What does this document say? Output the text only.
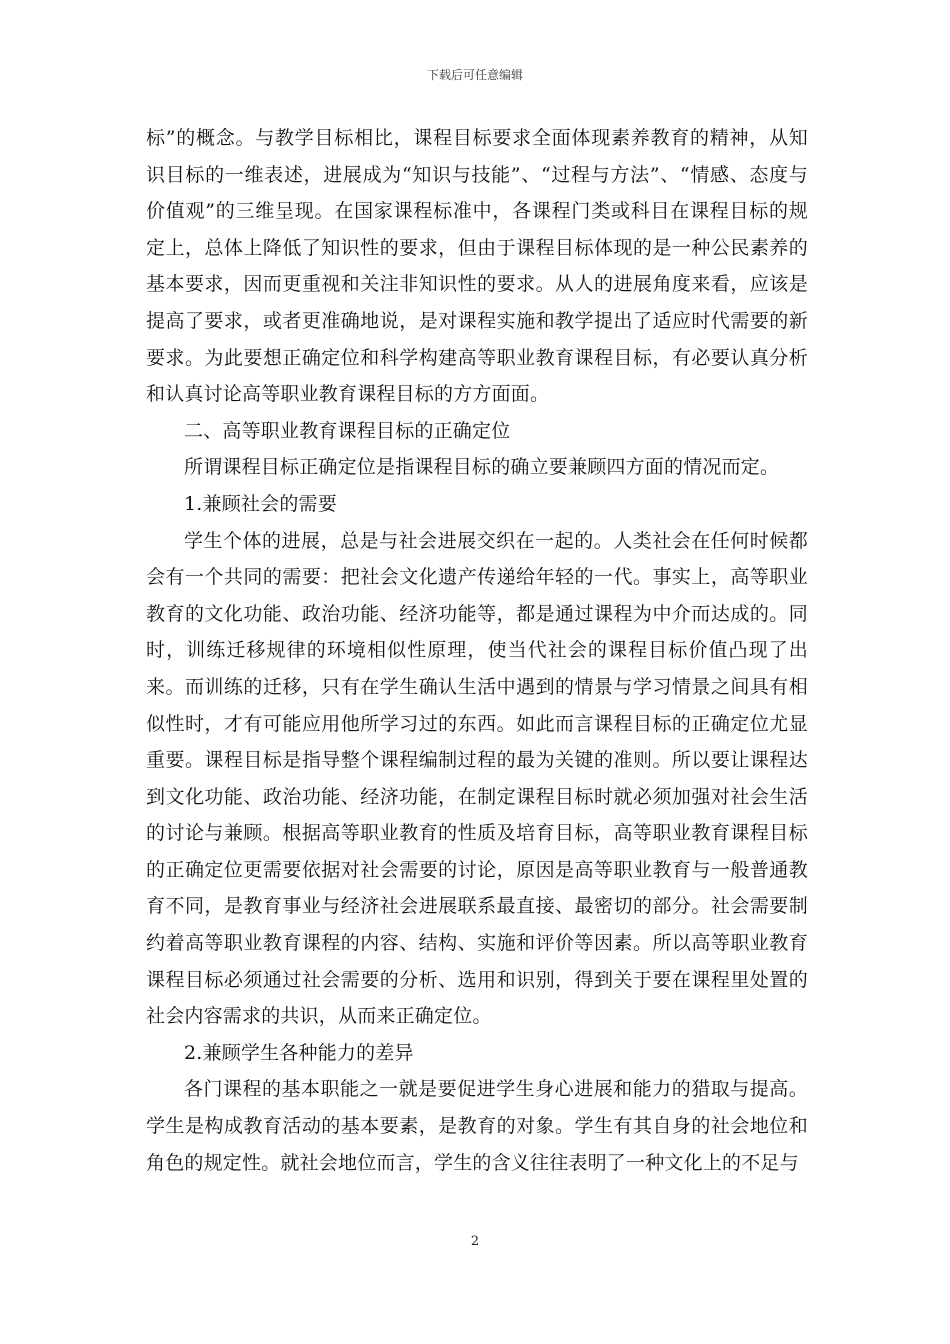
下载后可任意编辑

标”的概念。与教学目标相比，课程目标要求全面体现素养教育的精神，从知识目标的一维表述，进展成为“知识与技能”、“过程与方法”、“情感、态度与价值观”的三维呈现。在国家课程标准中，各课程门类或科目在课程目标的规定上，总体上降低了知识性的要求，但由于课程目标体现的是一种公民素养的基本要求，因而更重视和关注非知识性的要求。从人的进展角度来看，应该是提高了要求，或者更准确地说，是对课程实施和教学提出了适应时代需要的新要求。为此要想正确定位和科学构建高等职业教育课程目标，有必要认真分析和认真讨论高等职业教育课程目标的方方面面。

二、高等职业教育课程目标的正确定位

所谓课程目标正确定位是指课程目标的确立要兼顾四方面的情况而定。

1.兼顾社会的需要

学生个体的进展，总是与社会进展交织在一起的。人类社会在任何时候都会有一个共同的需要：把社会文化遗产传递给年轻的一代。事实上，高等职业教育的文化功能、政治功能、经济功能等，都是通过课程为中介而达成的。同时，训练迁移规律的环境相似性原理，使当代社会的课程目标价值凸现了出来。而训练的迁移，只有在学生确认生活中遇到的情景与学习情景之间具有相似性时，才有可能应用他所学习过的东西。如此而言课程目标的正确定位尤显重要。课程目标是指导整个课程编制过程的最为关键的准则。所以要让课程达到文化功能、政治功能、经济功能，在制定课程目标时就必须加强对社会生活的讨论与兼顾。根据高等职业教育的性质及培育目标，高等职业教育课程目标的正确定位更需要依据对社会需要的讨论，原因是高等职业教育与一般普通教育不同，是教育事业与经济社会进展联系最直接、最密切的部分。社会需要制约着高等职业教育课程的内容、结构、实施和评价等因素。所以高等职业教育课程目标必须通过社会需要的分析、选用和识别，得到关于要在课程里处置的社会内容需求的共识，从而来正确定位。

2.兼顾学生各种能力的差异

各门课程的基本职能之一就是要促进学生身心进展和能力的猎取与提高。学生是构成教育活动的基本要素，是教育的对象。学生有其自身的社会地位和角色的规定性。就社会地位而言，学生的含义往往表明了一种文化上的不足与

2
